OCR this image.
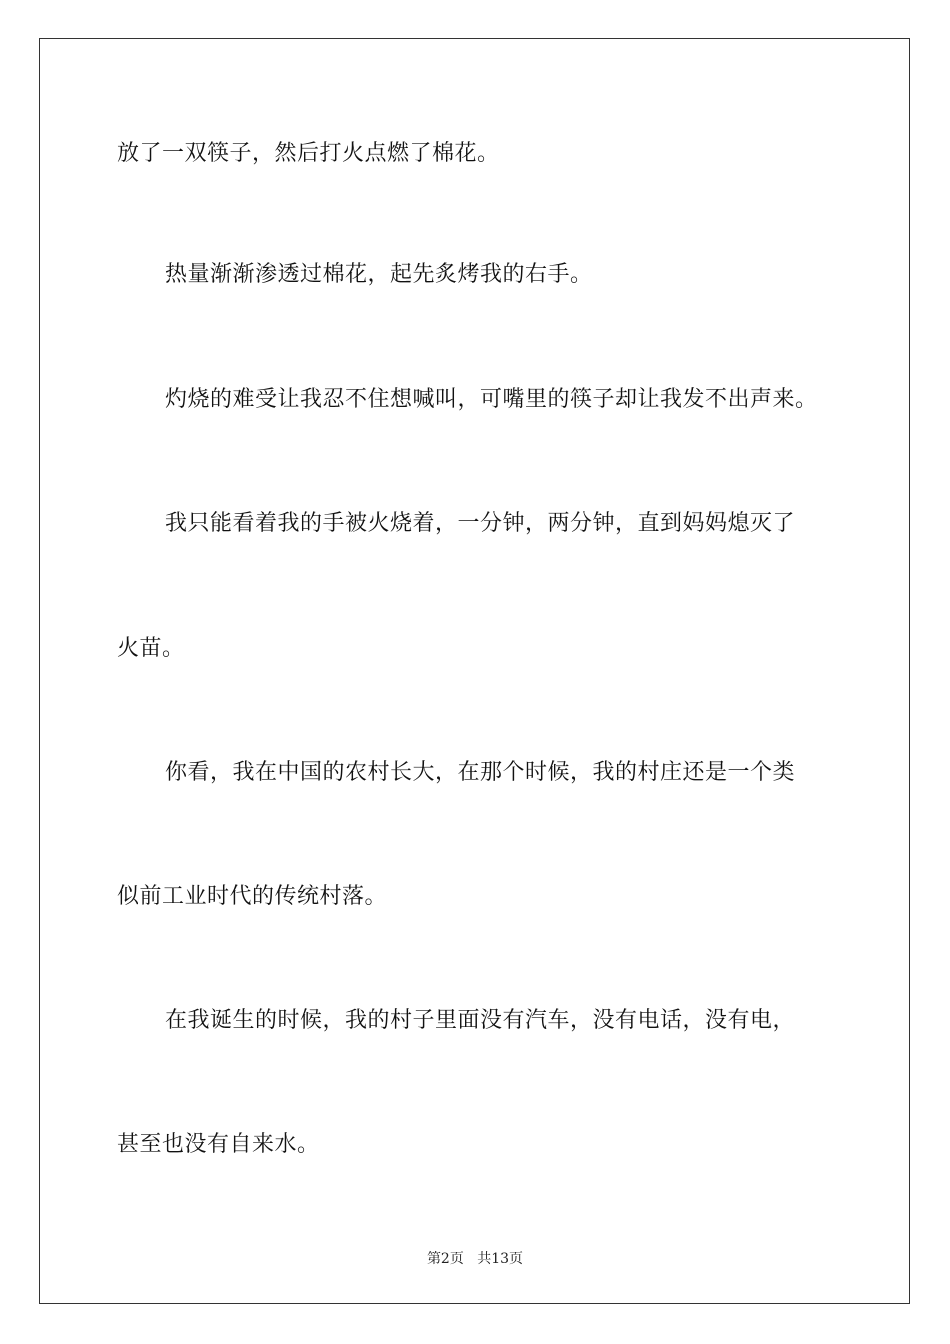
放了一双筷子，然后打火点燃了棉花。
热量渐渐渗透过棉花，起先炙烤我的右手。
灼烧的难受让我忍不住想喊叫，可嘴里的筷子却让我发不出声来。
我只能看着我的手被火烧着，一分钟，两分钟，直到妈妈熄灭了
火苗。
你看，我在中国的农村长大，在那个时候，我的村庄还是一个类
似前工业时代的传统村落。
在我诞生的时候，我的村子里面没有汽车，没有电话，没有电，
甚至也没有自来水。
第2页 共13页
